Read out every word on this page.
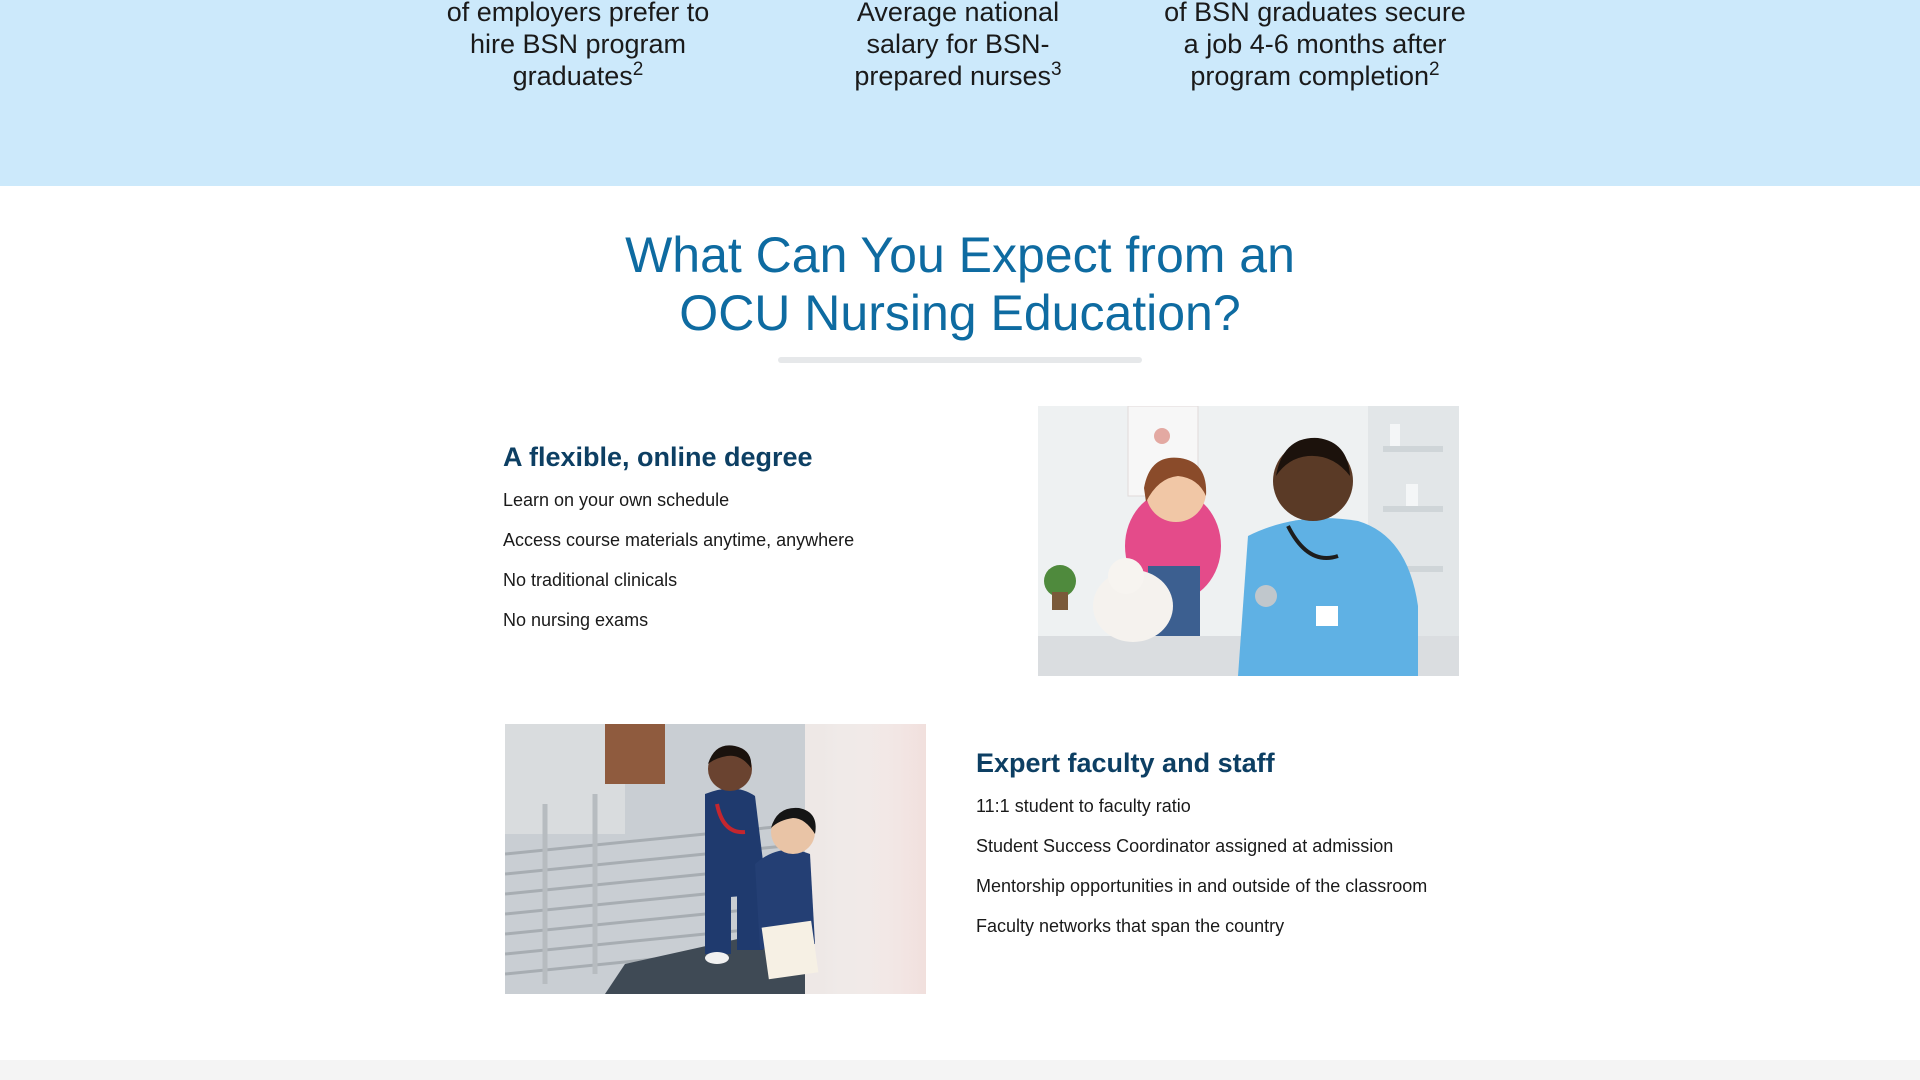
of employers prefer to hire BSN program graduates$^2$
Average national salary for BSN-prepared nurses$^3$
of BSN graduates secure a job 4-6 months after program completion$^2$
What Can You Expect from an
OCU Nursing Education?
A flexible, online degree
Learn on your own schedule
Access course materials anytime, anywhere
No traditional clinicals
No nursing exams
Expert faculty and staff
11:1 student to faculty ratio
Student Success Coordinator assigned at admission
Mentorship opportunities in and outside of the classroom
Faculty networks that span the country
